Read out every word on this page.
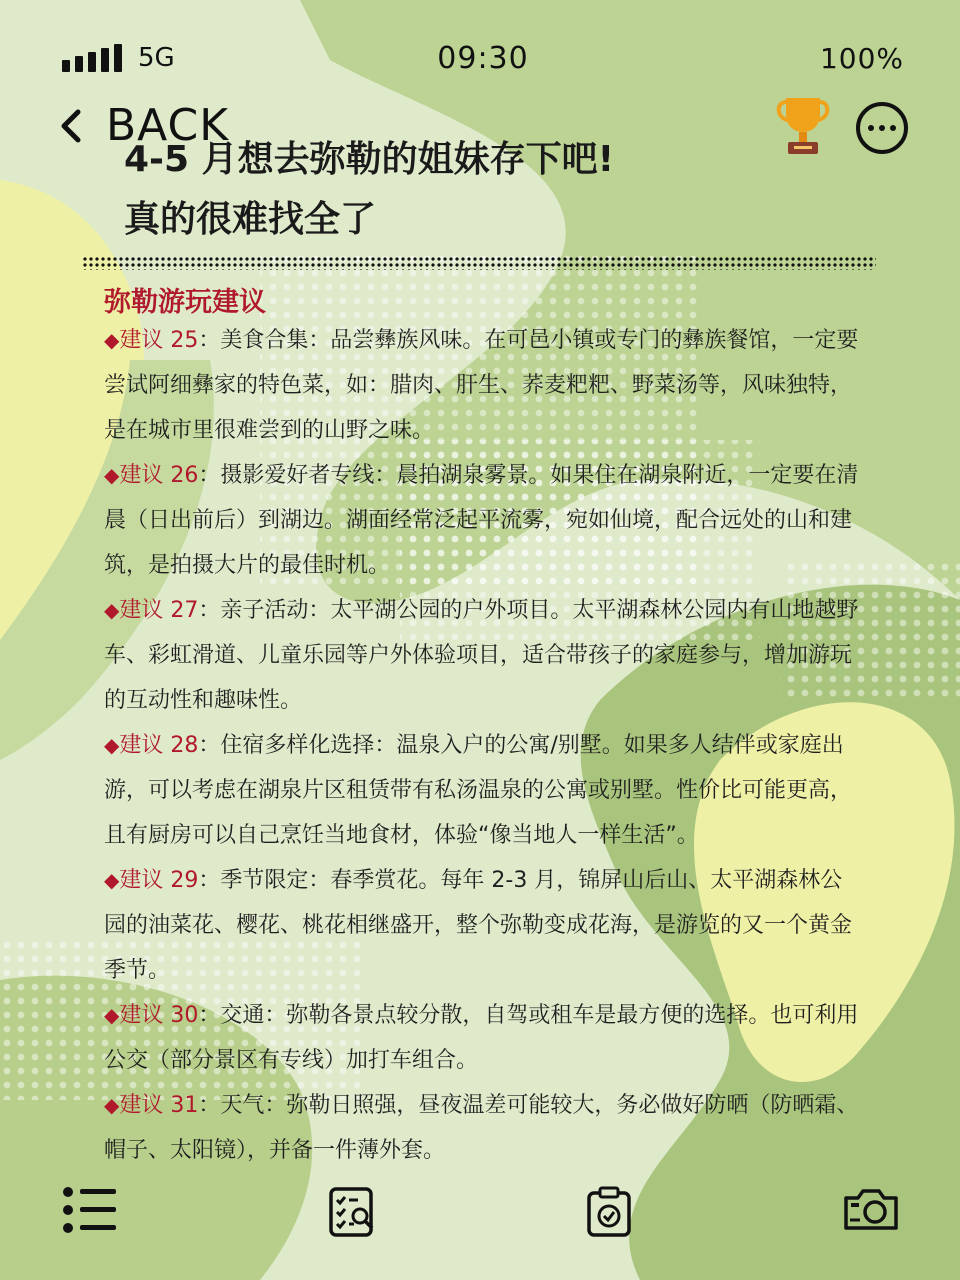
5G	09:30	100%
BACK
4-5 月想去弥勒的姐妹存下吧!
真的很难找全了
弥勒游玩建议

◆建议 25：美食合集：品尝彝族风味。在可邑小镇或专门的彝族餐馆，一定要尝试阿细彝家的特色菜，如：腊肉、肝生、荞麦粑粑、野菜汤等，风味独特，是在城市里很难尝到的山野之味。

◆建议 26：摄影爱好者专线：晨拍湖泉雾景。如果住在湖泉附近，一定要在清晨（日出前后）到湖边。湖面经常泛起平流雾，宛如仙境，配合远处的山和建筑，是拍摄大片的最佳时机。

◆建议 27：亲子活动：太平湖公园的户外项目。太平湖森林公园内有山地越野车、彩虹滑道、儿童乐园等户外体验项目，适合带孩子的家庭参与，增加游玩的互动性和趣味性。

◆建议 28：住宿多样化选择：温泉入户的公寓/别墅。如果多人结伴或家庭出游，可以考虑在湖泉片区租赁带有私汤温泉的公寓或别墅。性价比可能更高，且有厨房可以自己烹饪当地食材，体验“像当地人一样生活”。

◆建议 29：季节限定：春季赏花。每年 2-3 月，锦屏山后山、太平湖森林公园的油菜花、樱花、桃花相继盛开，整个弥勒变成花海，是游览的又一个黄金季节。

◆建议 30：交通：弥勒各景点较分散，自驾或租车是最方便的选择。也可利用公交（部分景区有专线）加打车组合。

◆建议 31：天气：弥勒日照强，昼夜温差可能较大，务必做好防晒（防晒霜、帽子、太阳镜），并备一件薄外套。
